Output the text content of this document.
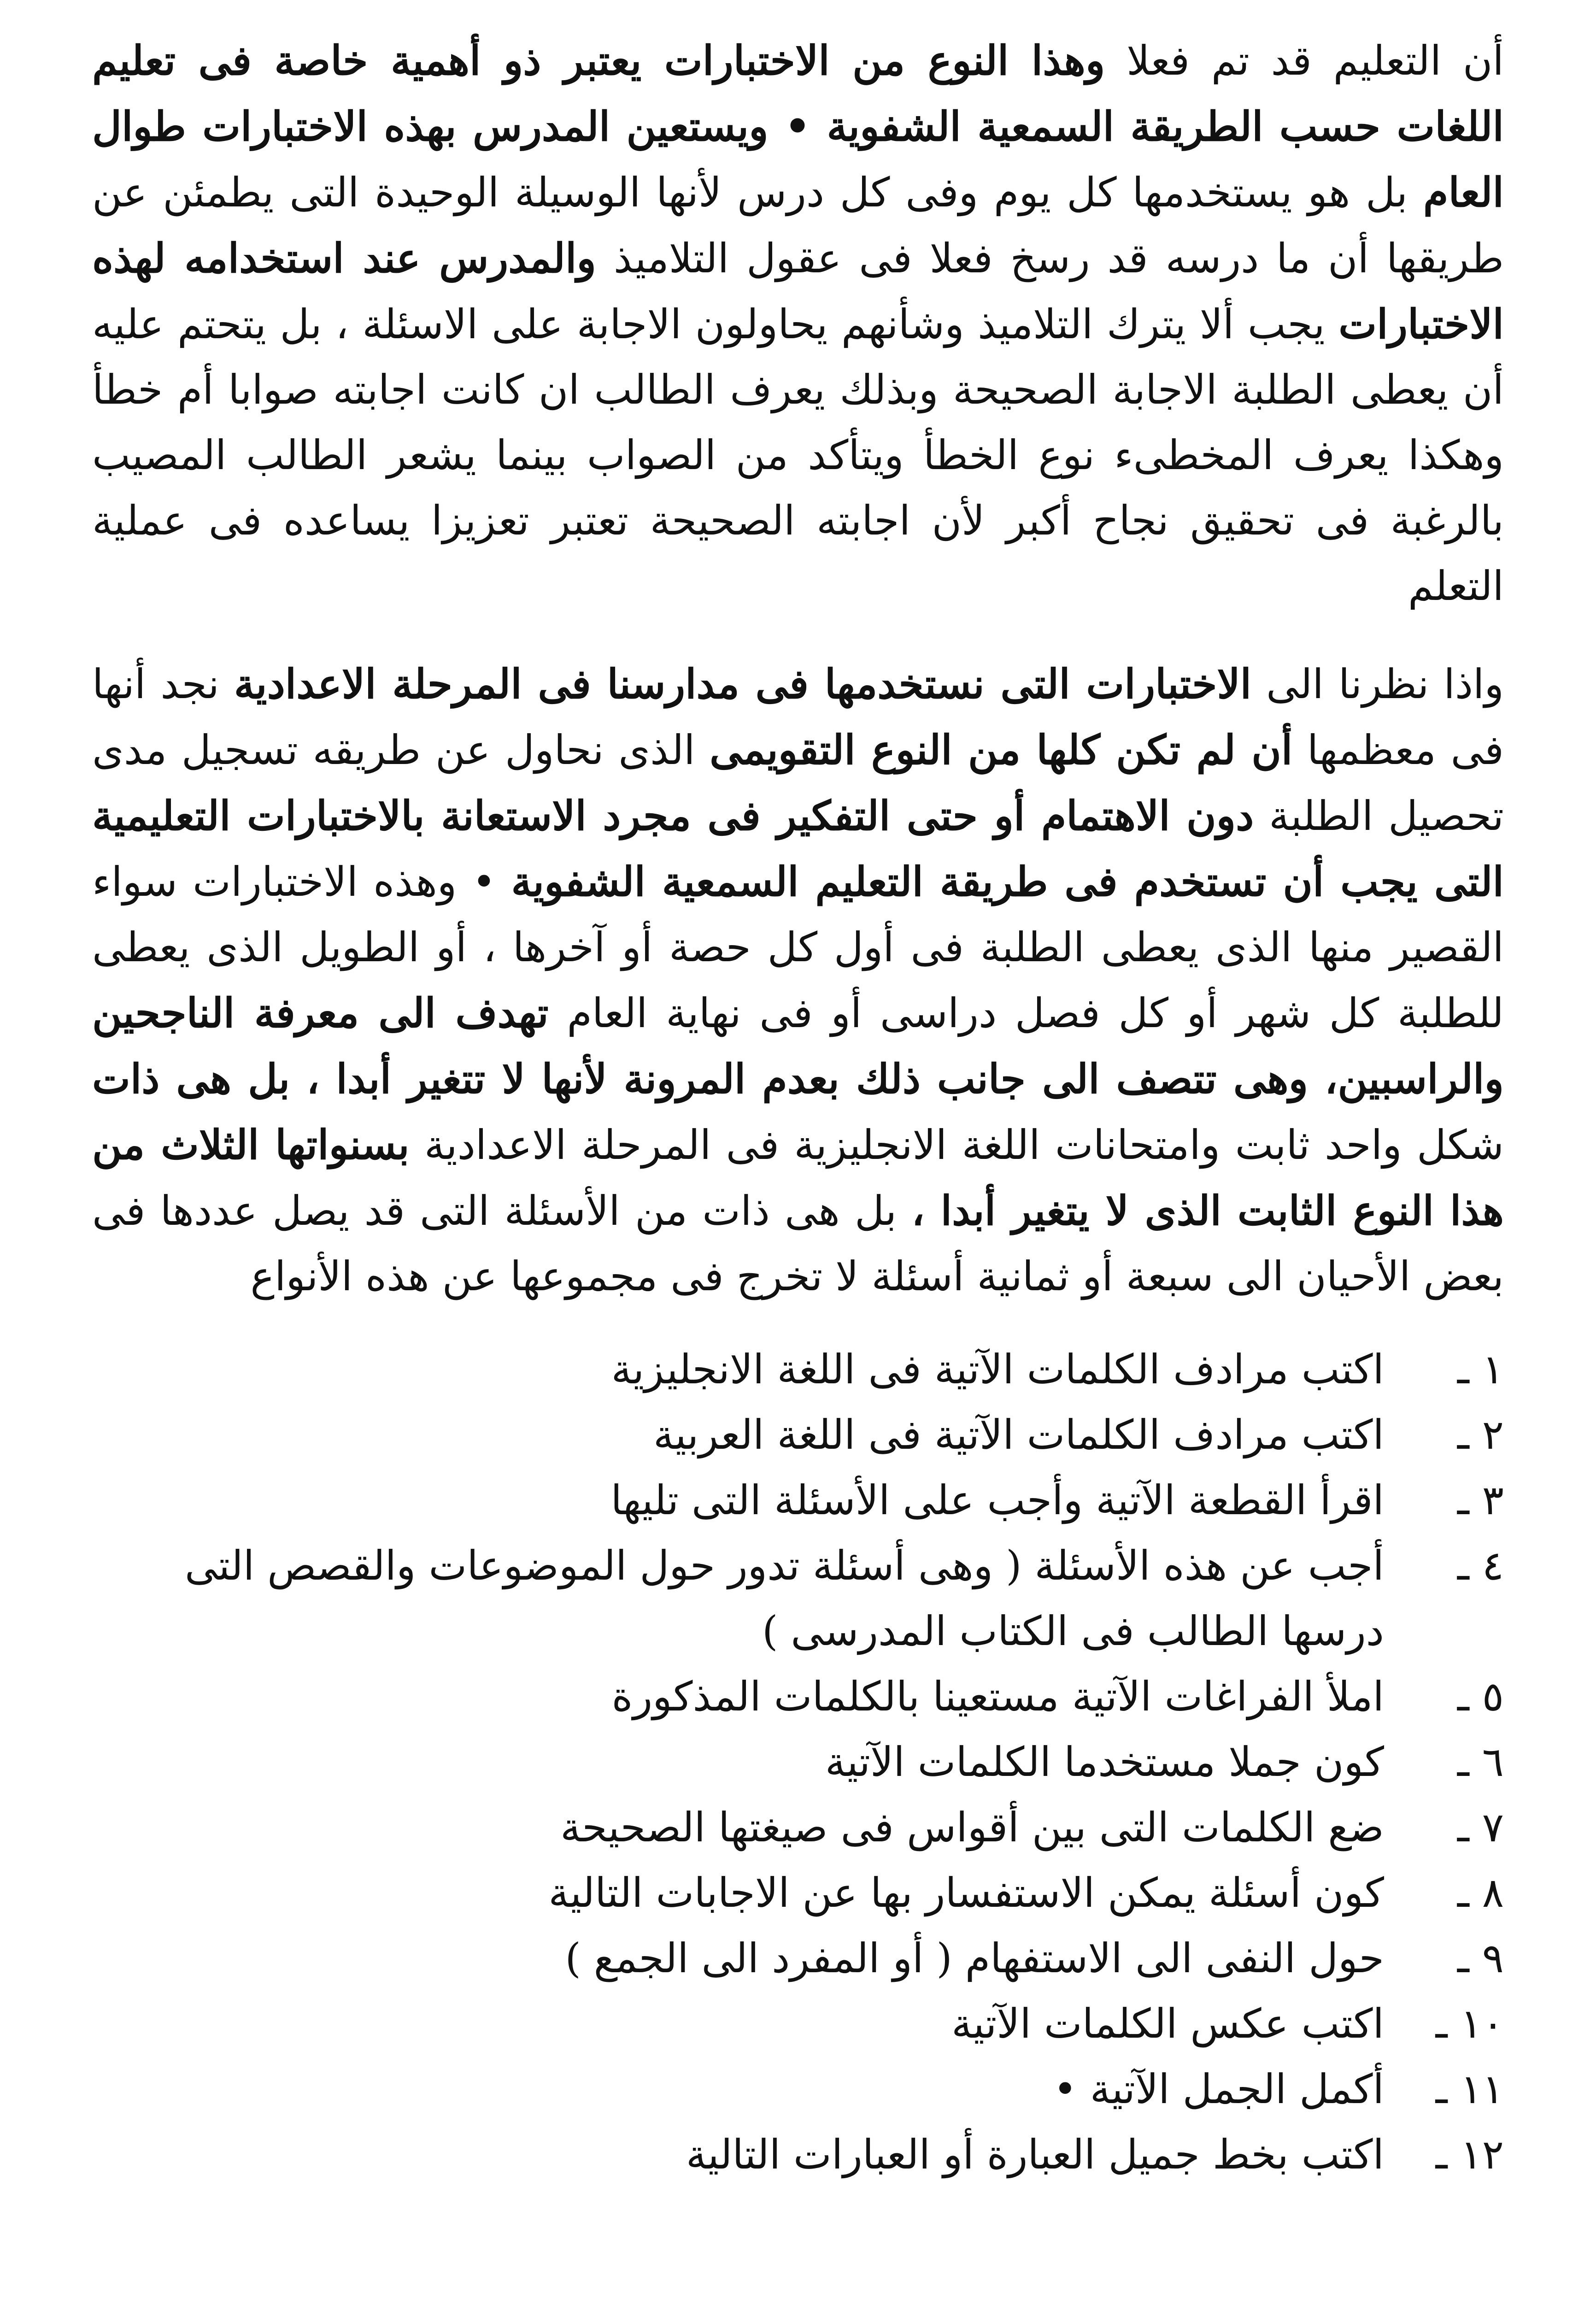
أن التعليم قد تم فعلا وهذا النوع من الاختبارات يعتبر ذو أهمية خاصة فى تعليم اللغات حسب الطريقة السمعية الشفوية • ويستعين المدرس بهذه الاختبارات طوال العام بل هو يستخدمها كل يوم وفى كل درس لأنها الوسيلة الوحيدة التى يطمئن عن طريقها أن ما درسه قد رسخ فعلا فى عقول التلاميذ والمدرس عند استخدامه لهذه الاختبارات يجب ألا يترك التلاميذ وشأنهم يحاولون الاجابة على الاسئلة ، بل يتحتم عليه أن يعطى الطلبة الاجابة الصحيحة وبذلك يعرف الطالب ان كانت اجابته صوابا أم خطأ وهكذا يعرف المخطىء نوع الخطأ ويتأكد من الصواب بينما يشعر الطالب المصيب بالرغبة فى تحقيق نجاح أكبر لأن اجابته الصحيحة تعتبر تعزيزا يساعده فى عملية التعلم

واذا نظرنا الى الاختبارات التى نستخدمها فى مدارسنا فى المرحلة الاعدادية نجد أنها فى معظمها أن لم تكن كلها من النوع التقويمى الذى نحاول عن طريقه تسجيل مدى تحصيل الطلبة دون الاهتمام أو حتى التفكير فى مجرد الاستعانة بالاختبارات التعليمية التى يجب أن تستخدم فى طريقة التعليم السمعية الشفوية • وهذه الاختبارات سواء القصير منها الذى يعطى الطلبة فى أول كل حصة أو آخرها ، أو الطويل الذى يعطى للطلبة كل شهر أو كل فصل دراسى أو فى نهاية العام تهدف الى معرفة الناجحين والراسبين، وهى تتصف الى جانب ذلك بعدم المرونة لأنها لا تتغير أبدا ، بل هى ذات شكل واحد ثابت وامتحانات اللغة الانجليزية فى المرحلة الاعدادية بسنواتها الثلاث من هذا النوع الثابت الذى لا يتغير أبدا ، بل هى ذات من الأسئلة التى قد يصل عددها فى بعض الأحيان الى سبعة أو ثمانية أسئلة لا تخرج فى مجموعها عن هذه الأنواع

١ ـ
اكتب مرادف الكلمات الآتية فى اللغة الانجليزية
٢ ـ
اكتب مرادف الكلمات الآتية فى اللغة العربية
٣ ـ
اقرأ القطعة الآتية وأجب على الأسئلة التى تليها
٤ ـ
أجب عن هذه الأسئلة ( وهى أسئلة تدور حول الموضوعات والقصص التى درسها الطالب فى الكتاب المدرسى )
٥ ـ
املأ الفراغات الآتية مستعينا بالكلمات المذكورة
٦ ـ
كون جملا مستخدما الكلمات الآتية
٧ ـ
ضع الكلمات التى بين أقواس فى صيغتها الصحيحة
٨ ـ
كون أسئلة يمكن الاستفسار بها عن الاجابات التالية
٩ ـ
حول النفى الى الاستفهام ( أو المفرد الى الجمع )
١٠ ـ
اكتب عكس الكلمات الآتية
١١ ـ
أكمل الجمل الآتية •
١٢ ـ
اكتب بخط جميل العبارة أو العبارات التالية
